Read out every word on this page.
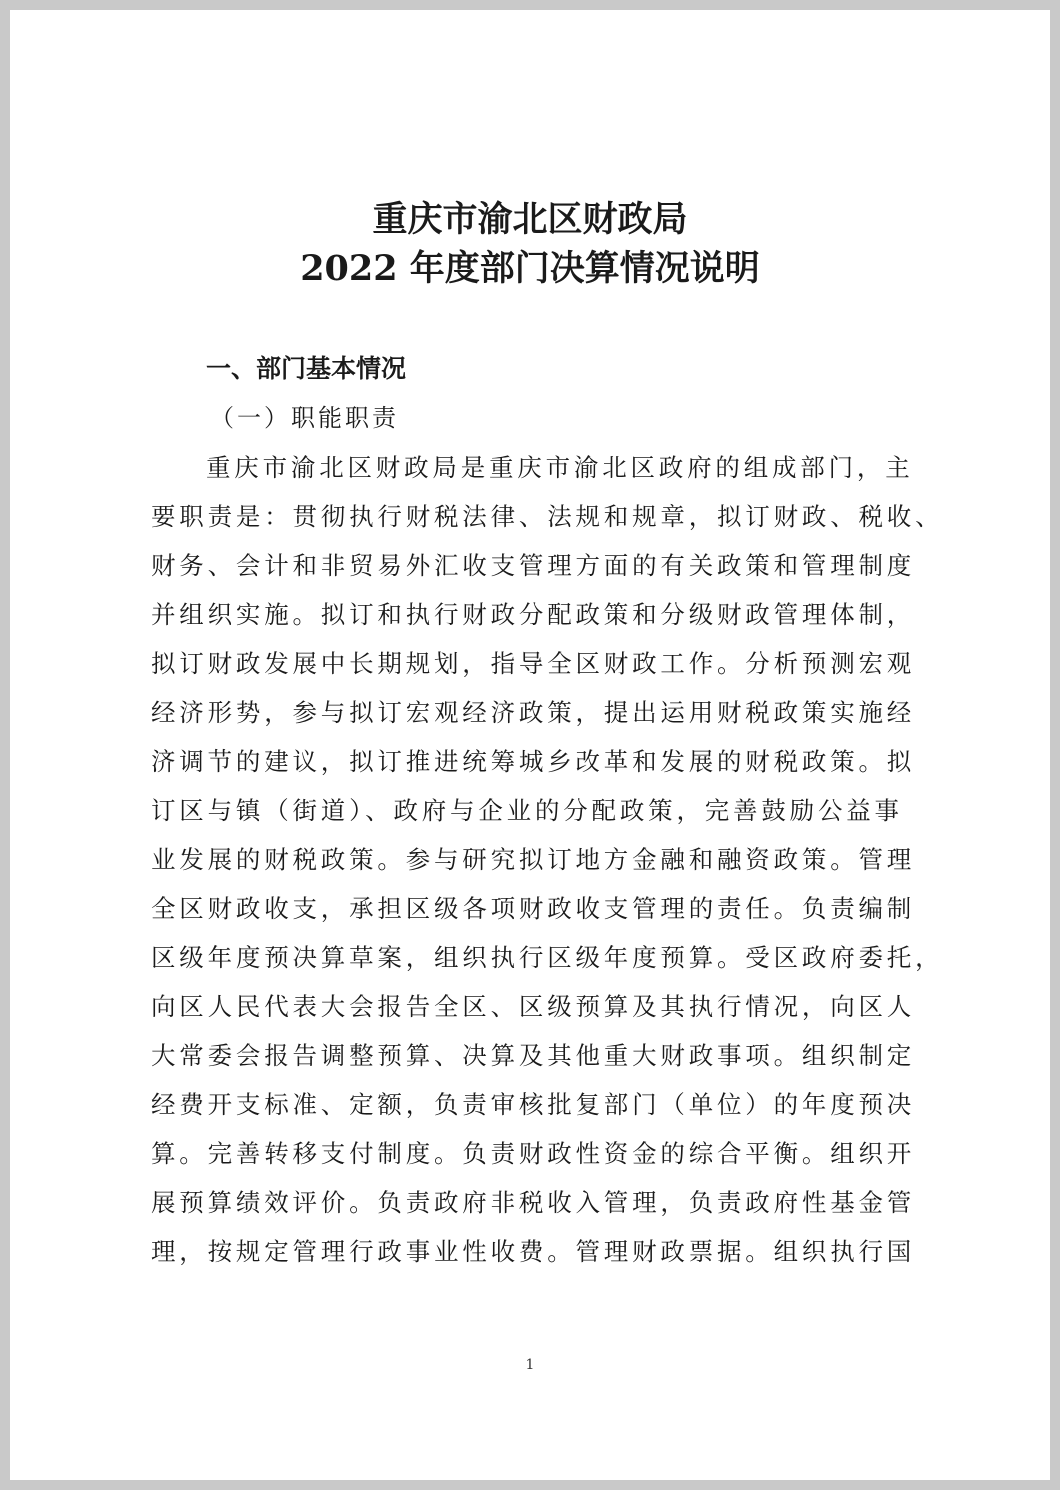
重庆市渝北区财政局
2022 年度部门决算情况说明
一、部门基本情况
（一）职能职责
重庆市渝北区财政局是重庆市渝北区政府的组成部门，主
要职责是：贯彻执行财税法律、法规和规章，拟订财政、税收、
财务、会计和非贸易外汇收支管理方面的有关政策和管理制度
并组织实施。拟订和执行财政分配政策和分级财政管理体制，
拟订财政发展中长期规划，指导全区财政工作。分析预测宏观
经济形势，参与拟订宏观经济政策，提出运用财税政策实施经
济调节的建议，拟订推进统筹城乡改革和发展的财税政策。拟
订区与镇（街道）、政府与企业的分配政策，完善鼓励公益事
业发展的财税政策。参与研究拟订地方金融和融资政策。管理
全区财政收支，承担区级各项财政收支管理的责任。负责编制
区级年度预决算草案，组织执行区级年度预算。受区政府委托，
向区人民代表大会报告全区、区级预算及其执行情况，向区人
大常委会报告调整预算、决算及其他重大财政事项。组织制定
经费开支标准、定额，负责审核批复部门（单位）的年度预决
算。完善转移支付制度。负责财政性资金的综合平衡。组织开
展预算绩效评价。负责政府非税收入管理，负责政府性基金管
理，按规定管理行政事业性收费。管理财政票据。组织执行国
1
